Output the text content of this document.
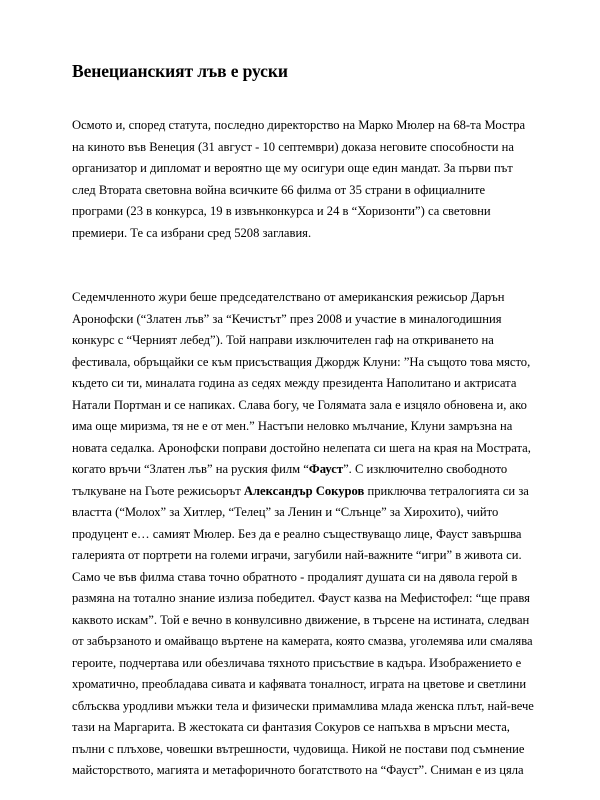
Венецианският лъв е руски

Осмото и, според статута, последно директорство на Марко Мюлер на 68-та Мостра на киното във Венеция (31 август - 10 септември) доказа неговите способности на организатор и дипломат и вероятно ще му осигури още един мандат. За първи път след Втората световна война всичките 66 филма от 35 страни в официалните програми (23 в конкурса, 19 в извънконкурса и 24 в “Хоризонти”) са световни премиери. Те са избрани сред 5208 заглавия.

Седемчленното жури беше председателствано от американския режисьор Дарън Аронофски (“Златен лъв” за “Кечистът” през 2008 и участие в миналогодишния конкурс с “Черният лебед”). Той направи изключителен гаф на откриването на фестивала, обръщайки се към присъстващия Джордж Клуни: ”На същото това място, където си ти, миналата година аз седях между президента Наполитано и актрисата Натали Портман и се напиках. Слава богу, че Голямата зала е изцяло обновена и, ако има още миризма, тя не е от мен.” Настъпи неловко мълчание, Клуни замръзна на новата седалка. Аронофски поправи достойно нелепата си шега на края на Мострата, когато връчи “Златен лъв” на руския филм “Фауст”. С изключително свободното тълкуване на Гьоте режисьорът Александър Сокуров приключва тетралогията си за властта (“Молох” за Хитлер, “Телец” за Ленин и “Слънце” за Хирохито), чийто продуцент е… самият Мюлер. Без да е реално съществуващо лице, Фауст завършва галерията от портрети на големи играчи, загубили най-важните “игри” в живота си. Само че във филма става точно обратното - продалият душата си на дявола герой в размяна на тотално знание излиза победител. Фауст казва на Мефистофел: “ще правя каквото искам”. Той е вечно в конвулсивно движение, в търсене на истината, следван от забързаното и омайващо въртене на камерата, която смазва, уголемява или смалява героите, подчертава или обезличава тяхното присъствие в кадъра. Изображението е хроматично, преобладава сивата и кафявата тоналност, играта на цветове и светлини сблъсква уродливи мъжки тела и физически примамлива млада женска плът, най-вече тази на Маргарита. В жестоката си фантазия Сокуров се напъхва в мръсни места, пълни с плъхове, човешки вътрешности, чудовища. Никой не постави под съмнение майсторството, магията и метафоричното богатството на “Фауст”. Сниман е из цяла
